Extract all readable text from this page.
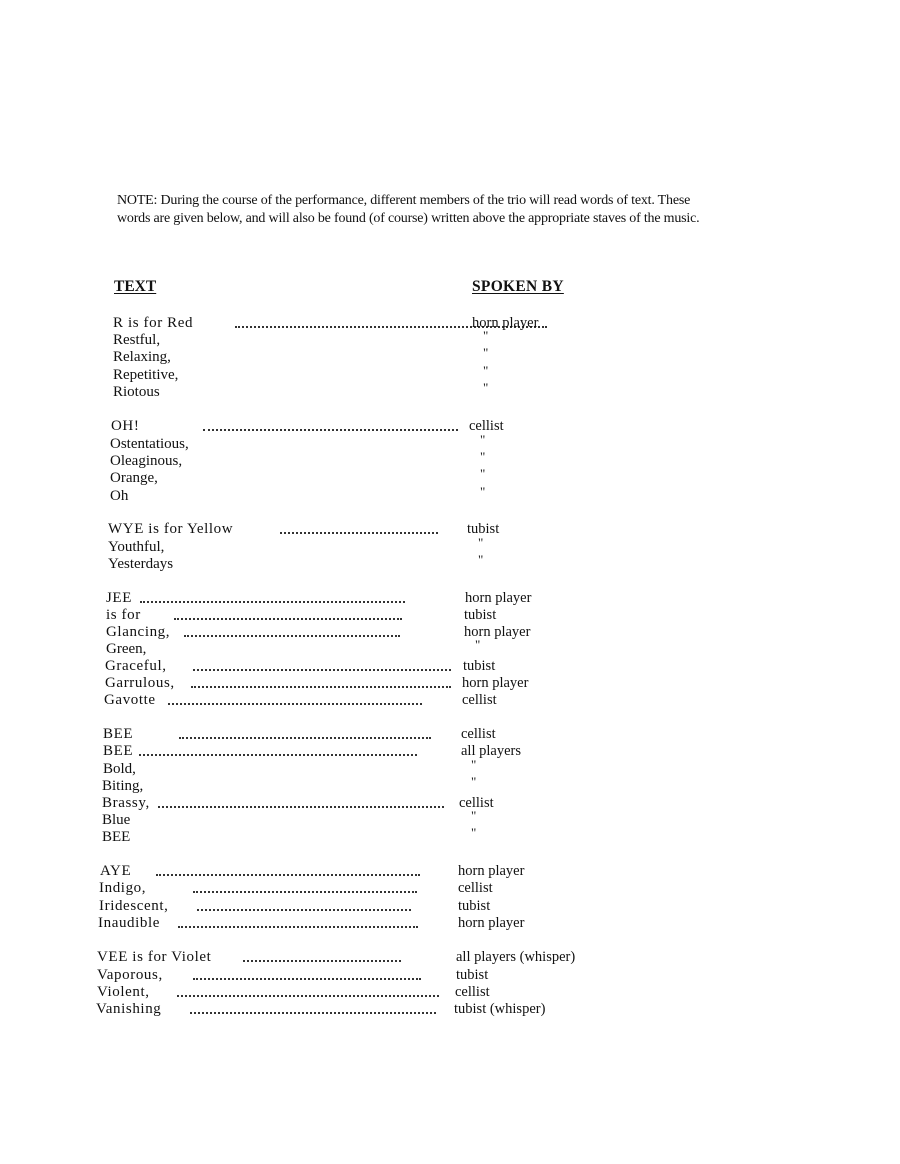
NOTE: During the course of the performance, different members of the trio will read words of text. These words are given below, and will also be found (of course) written above the appropriate staves of the music.

TEXT	SPOKEN BY
R is for Red	horn player
Restful,	"
Relaxing,	"
Repetitive,	"
Riotous	"
OH!	cellist
Ostentatious,	"
Oleaginous,	"
Orange,	"
Oh	"
WYE is for Yellow	tubist
Youthful,	"
Yesterdays	"
JEE	horn player
is for	tubist
Glancing,	horn player
Green,	"
Graceful,	tubist
Garrulous,	horn player
Gavotte	cellist
BEE	cellist
BEE	all players
Bold,	"
Biting,	"
Brassy,	cellist
Blue	"
BEE	"
AYE	horn player
Indigo,	cellist
Iridescent,	tubist
Inaudible	horn player
VEE is for Violet	all players (whisper)
Vaporous,	tubist
Violent,	cellist
Vanishing	tubist (whisper)
